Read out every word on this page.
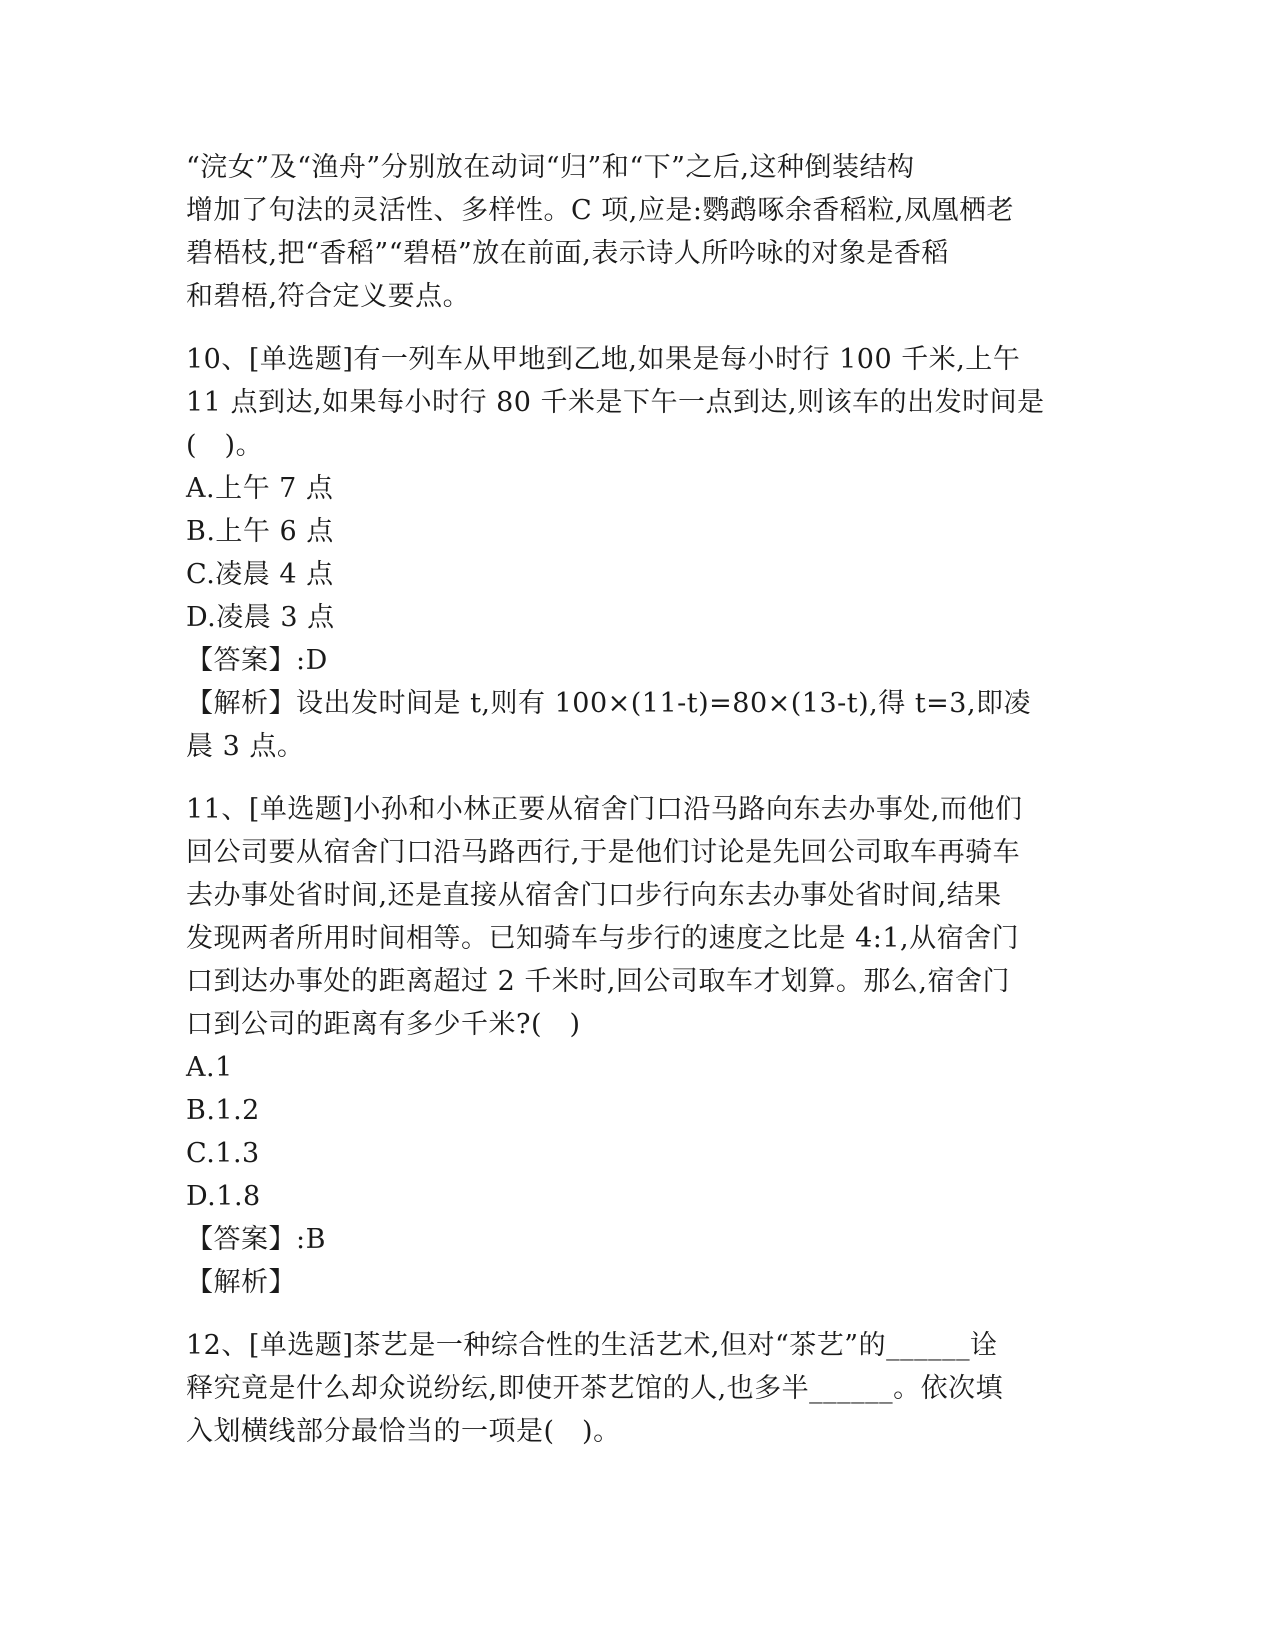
“浣女”及“渔舟”分别放在动词“归”和“下”之后,这种倒装结构
增加了句法的灵活性、多样性。C 项,应是:鹦鹉啄余香稻粒,凤凰栖老
碧梧枝,把“香稻”“碧梧”放在前面,表示诗人所吟咏的对象是香稻
和碧梧,符合定义要点。
10、[单选题]有一列车从甲地到乙地,如果是每小时行 100 千米,上午
11 点到达,如果每小时行 80 千米是下午一点到达,则该车的出发时间是
(　)。
A.上午 7 点
B.上午 6 点
C.凌晨 4 点
D.凌晨 3 点
【答案】:D
【解析】设出发时间是 t,则有 100×(11-t)=80×(13-t),得 t=3,即凌
晨 3 点。
11、[单选题]小孙和小林正要从宿舍门口沿马路向东去办事处,而他们
回公司要从宿舍门口沿马路西行,于是他们讨论是先回公司取车再骑车
去办事处省时间,还是直接从宿舍门口步行向东去办事处省时间,结果
发现两者所用时间相等。已知骑车与步行的速度之比是 4:1,从宿舍门
口到达办事处的距离超过 2 千米时,回公司取车才划算。那么,宿舍门
口到公司的距离有多少千米?(　)
A.1
B.1.2
C.1.3
D.1.8
【答案】:B
【解析】
12、[单选题]茶艺是一种综合性的生活艺术,但对“茶艺”的______诠
释究竟是什么却众说纷纭,即使开茶艺馆的人,也多半______。依次填
入划横线部分最恰当的一项是(　)。
